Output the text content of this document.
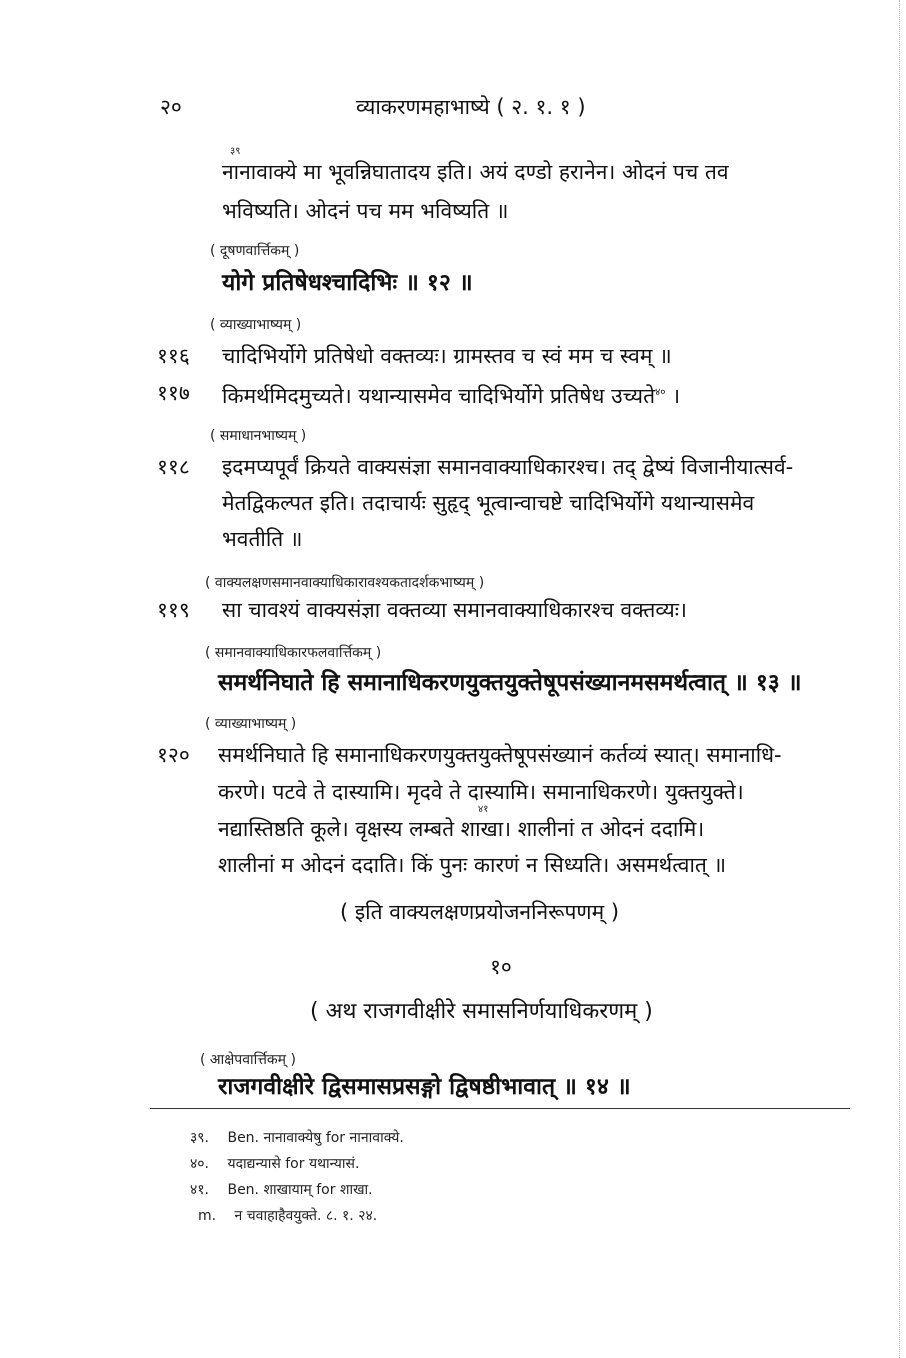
२०	व्याकरणमहाभाष्ये ( २. १. १ )
नानावाक्ये मा भूवन्निघातादय इति। अयं दण्डो हरानेन। ओदनं पच तव
३९
भविष्यति। ओदनं पच मम भविष्यति ॥
( दूषणवार्त्तिकम् )
योगे प्रतिषेधश्चादिभिः ॥ १२ ॥
( व्याख्याभाष्यम् )
११६ चादिभिर्योगे प्रतिषेधो वक्तव्यः। ग्रामस्तव च स्वं मम च स्वम् ॥
११७ किमर्थमिदमुच्यते। यथान्यासमेव चादिभिर्योगे प्रतिषेध उच्यते$^{४०}$ ।
( समाधानभाष्यम् )
११८ इदमप्यपूर्वं क्रियते वाक्यसंज्ञा समानवाक्याधिकारश्च। तद् द्वेष्यं विजानीयात्सर्व-
मेतद्विकल्पत इति। तदाचार्यः सुहृद् भूत्वान्वाचष्टे चादिभिर्योगे यथान्यासमेव
भवतीति ॥
( वाक्यलक्षणसमानवाक्याधिकारावश्यकतादर्शकभाष्यम् )
११९ सा चावश्यं वाक्यसंज्ञा वक्तव्या समानवाक्याधिकारश्च वक्तव्यः।
( समानवाक्याधिकारफलवार्त्तिकम् )
समर्थनिघाते हि समानाधिकरणयुक्तयुक्तेषूपसंख्यानमसमर्थत्वात् ॥ १३ ॥
( व्याख्याभाष्यम् )
१२० समर्थनिघाते हि समानाधिकरणयुक्तयुक्तेषूपसंख्यानं कर्तव्यं स्यात्। समानाधि-
करणे। पटवे ते दास्यामि। मृदवे ते दास्यामि। समानाधिकरणे। युक्तयुक्ते।
नद्यास्तिष्ठति कूले। वृक्षस्य लम्बते शाखा। शालीनां त ओदनं ददामि।
४१
शालीनां म ओदनं ददाति। किं पुनः कारणं न सिध्यति। असमर्थत्वात् ॥
( इति वाक्यलक्षणप्रयोजननिरूपणम् )
१०
( अथ राजगवीक्षीरे समासनिर्णयाधिकरणम् )
( आक्षेपवार्त्तिकम् )
राजगवीक्षीरे द्विसमासप्रसङ्गो द्विषष्ठीभावात् ॥ १४ ॥
३९. Ben. नानावाक्येषु for नानावाक्ये.
४०. यदाद्यन्यासे for यथान्यासं.
४१. Ben. शाखायाम् for शाखा.
m. न चवाहाहैवयुक्ते. ८. १. २४.
